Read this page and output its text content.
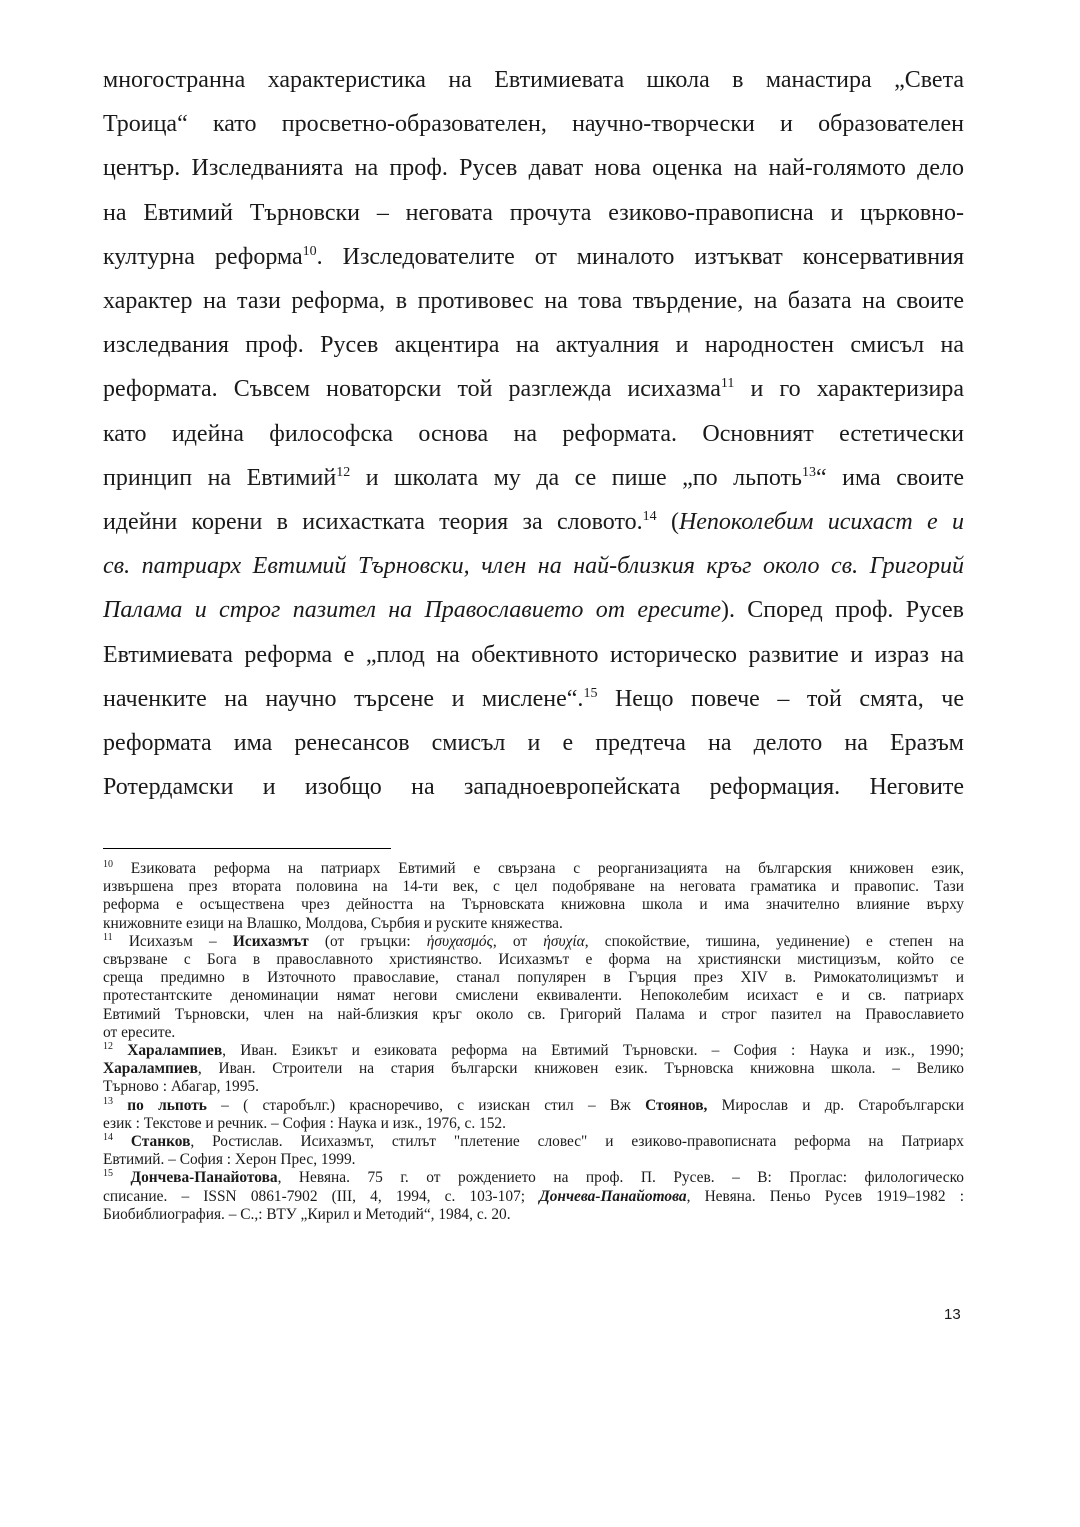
многостранна характеристика на Евтимиевата школа в манастира „Света
Троица“ като просветно-образователен, научно-творчески и образователен
център. Изследванията на проф. Русев дават нова оценка на най-голямото дело
на Евтимий Търновски – неговата прочута езиково-правописна и църковно-
културна реформа$^{10}$. Изследователите от миналото изтъкват консервативния
характер на тази реформа, в противовес на това твърдение, на базата на своите
изследвания проф. Русев акцентира на актуалния и народностен смисъл на
реформата. Съвсем новаторски той разглежда исихазма$^{11}$ и го характеризира
като идейна философска основа на реформата. Основният естетически
принцип на Евтимий$^{12}$ и школата му да се пише „по льпоть$^{13}$“ има своите
идейни корени в исихастката теория за словото.$^{14}$ (Непоколебим исихаст е и
св. патриарх Евтимий Търновски, член на най-близкия кръг около св. Григорий
Палама и строг пазител на Православието от ересите). Според проф. Русев
Евтимиевата реформа е „плод на обективното историческо развитие и израз на
наченките на научно търсене и мислене“.$^{15}$ Нещо повече – той смята, че
реформата има ренесансов смисъл и е предтеча на делото на Еразъм
Ротердамски и изобщо на западноевропейската реформация. Неговите
$^{10}$ Езиковата реформа на патриарх Евтимий е свързана с реорганизацията на българския книжовен език,
извършена през втората половина на 14-ти век, с цел подобряване на неговата граматика и правопис. Тази
реформа е осъществена чрез дейността на Търновската книжовна школа и има значително влияние върху
книжовните езици на Влашко, Молдова, Сърбия и руските княжества.
$^{11}$ Исихазъм – Исихазмът (от гръцки: ἡσυχασμός, от ἡσυχία, спокойствие, тишина, уединение) е степен на
свързване с Бога в православното християнство. Исихазмът е форма на християнски мистицизъм, който се
среща предимно в Източното православие, станал популярен в Гърция през XIV в. Римокатолицизмът и
протестантските деноминации нямат негови смислени еквиваленти. Непоколебим исихаст е и св. патриарх
Евтимий Търновски, член на най-близкия кръг около св. Григорий Палама и строг пазител на Православието
от ересите.
$^{12}$ Харалампиев, Иван. Езикът и езиковата реформа на Евтимий Търновски. – София : Наука и изк., 1990;
Харалампиев, Иван. Строители на стария български книжовен език. Търновска книжовна школа. – Велико
Търново : Абагар, 1995.
$^{13}$ по льпоть – ( старобълг.) красноречиво, с изискан стил – Вж Стоянов, Мирослав и др. Старобългарски
език : Текстове и речник. – София : Наука и изк., 1976, с. 152.
$^{14}$ Станков, Ростислав. Исихазмът, стилът "плетение словес" и езиково-правописната реформа на Патриарх
Евтимий. – София : Херон Прес, 1999.
$^{15}$ Дончева-Панайотова, Невяна. 75 г. от рождението на проф. П. Русев. – В: Проглас: филологическо
списание. – ISSN 0861-7902 (III, 4, 1994, с. 103-107; Дончева-Панайотова, Невяна. Пеньо Русев 1919–1982 :
Биобиблиография. – С.,: ВТУ „Кирил и Методий“, 1984, с. 20.
13
